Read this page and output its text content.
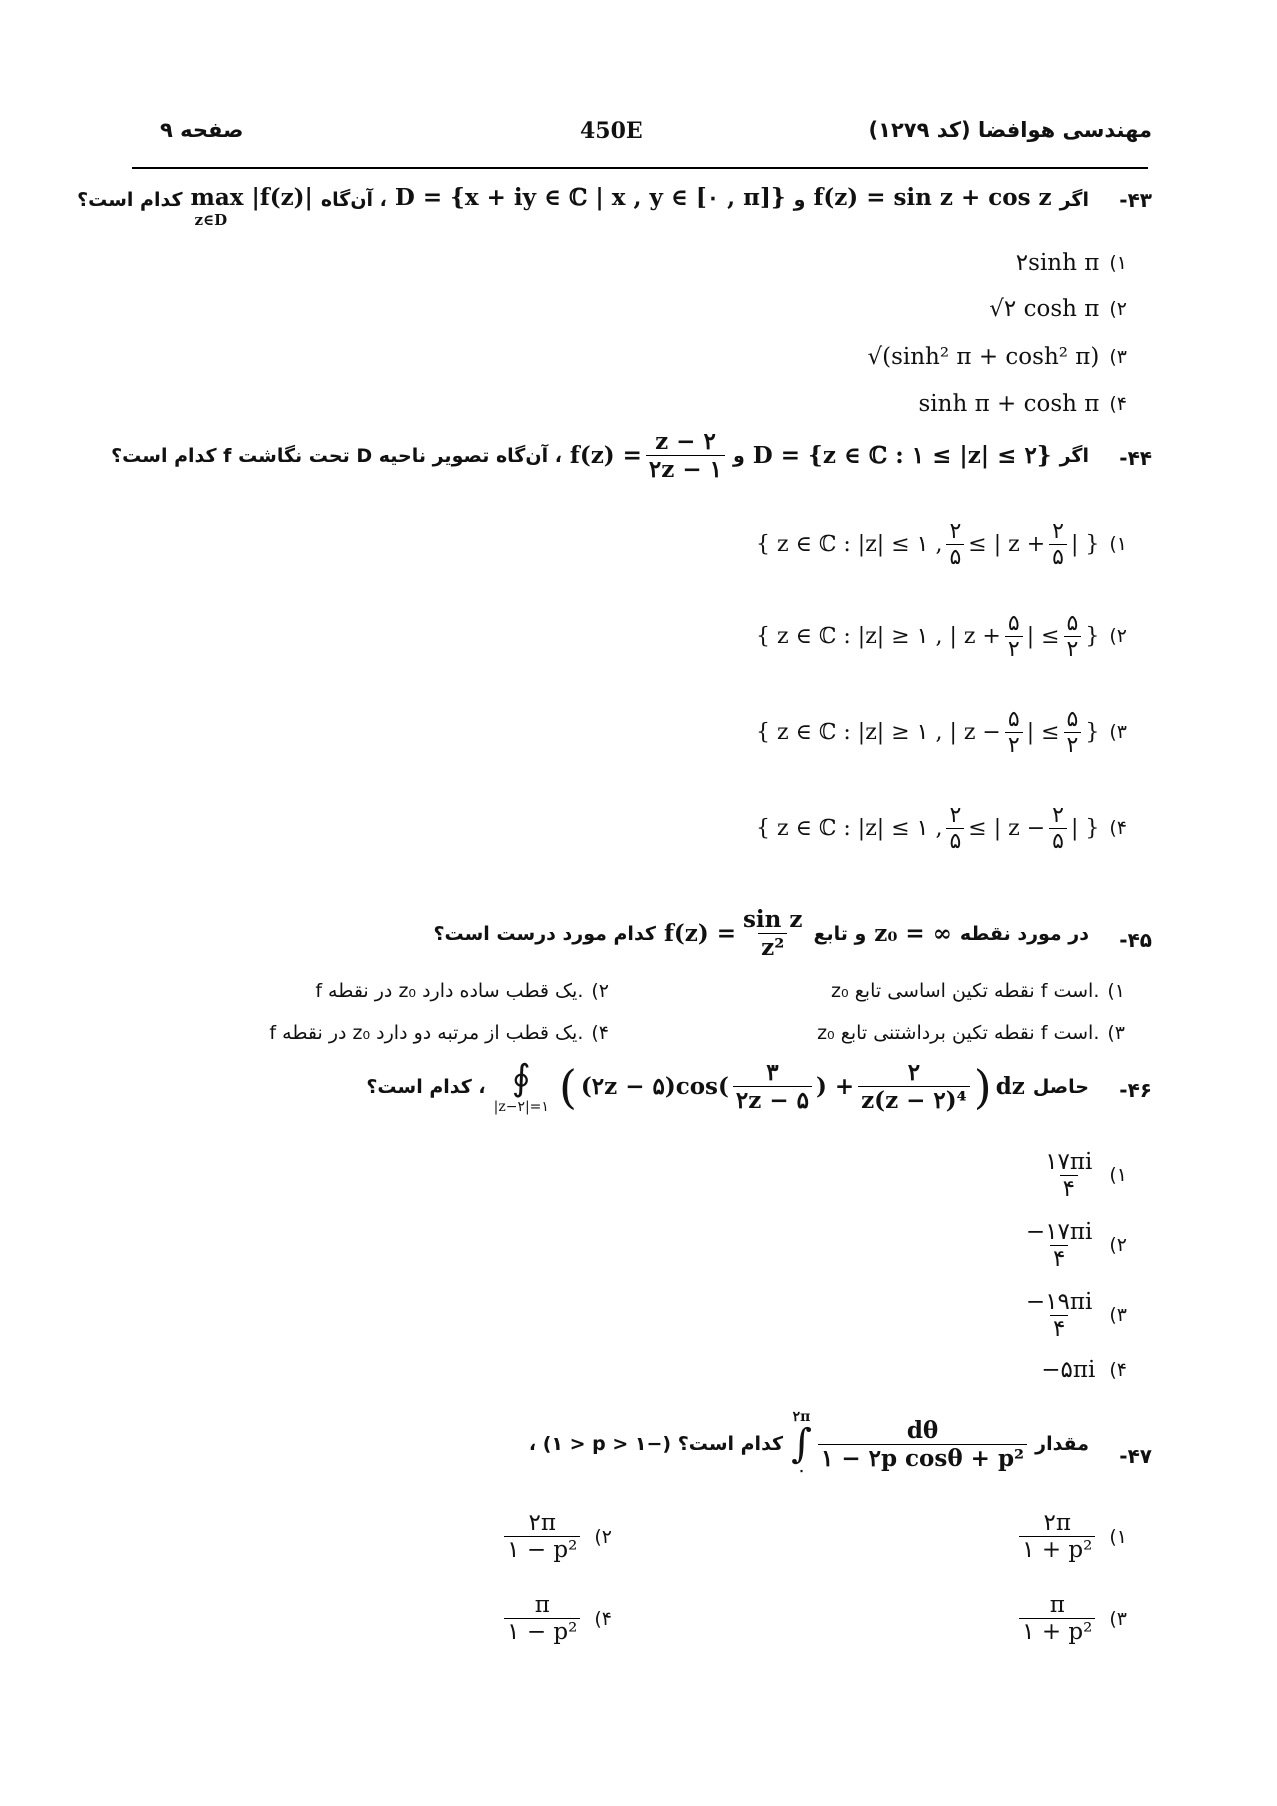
مهندسی هوافضا (کد ۱۲۷۹)
450E
صفحه ۹
-۴۳
اگر
f(z) = sin z + cos z
و
D = {x + iy ∈ ℂ | x , y ∈ [۰ , π]}
، آن‌گاه
max |f(z)|
z∈D
کدام است؟
(۱
۲sinh π
(۲
√۲ cosh π
(۳
√(sinh² π + cosh² π)
(۴
sinh π + cosh π
-۴۴
اگر
D = {z ∈ ℂ : ۱ ≤ |z| ≤ ۲}
و
$f(z) = \frac{z - ۲}{۲z - ۱}$
، آن‌گاه تصویر ناحیه D تحت نگاشت f کدام است؟
(۱
{ z ∈ ℂ : |z| ≤ ۱ , $\frac{۲}{۵}$ ≤ | $z + \frac{۲}{۵}$ | }
(۲
{ z ∈ ℂ : |z| ≥ ۱ , | $z + \frac{۵}{۲}$ | ≤ $\frac{۵}{۲}$ }
(۳
{ z ∈ ℂ : |z| ≥ ۱ , | $z - \frac{۵}{۲}$ | ≤ $\frac{۵}{۲}$ }
(۴
{ z ∈ ℂ : |z| ≤ ۱ , $\frac{۲}{۵}$ ≤ | $z - \frac{۲}{۵}$ | }
-۴۵
در مورد نقطه
z₀ = ∞
و تابع
$f(z) = \frac{\text{sin z}}{\text{z²}}$
کدام مورد درست است؟
(۱
z₀ نقطه تکین اساسی تابع f است.
(۲
f در نقطه z₀ یک قطب ساده دارد.
(۳
z₀ نقطه تکین برداشتنی تابع f است.
(۴
f در نقطه z₀ یک قطب از مرتبه دو دارد.
-۴۶
حاصل
∮
|z−۲|=۱ ( (۲z − ۵)cos( $\frac{۳}{۲z - ۵}$ ) + $\frac{۲}{\text{z(z − ۲)⁴}}$ ) dz
، کدام است؟
(۱
$\frac{۱۷\pi i}{۴}$
(۲
$\frac{-۱۷\pi i}{۴}$
(۳
$\frac{-۱۹\pi i}{۴}$
(۴
−۵πi
-۴۷
مقدار
۲π
∫
۰ $\frac{d\theta}{\text{۱ − ۲p cosθ + p²}}$
، (۱ > p > ۱−) کدام است؟
(۱
$\frac{۲\pi}{\text{۱ + p²}}$
(۲
$\frac{۲\pi}{\text{۱ − p²}}$
(۳
$\frac{\pi}{\text{۱ + p²}}$
(۴
$\frac{\pi}{\text{۱ − p²}}$
